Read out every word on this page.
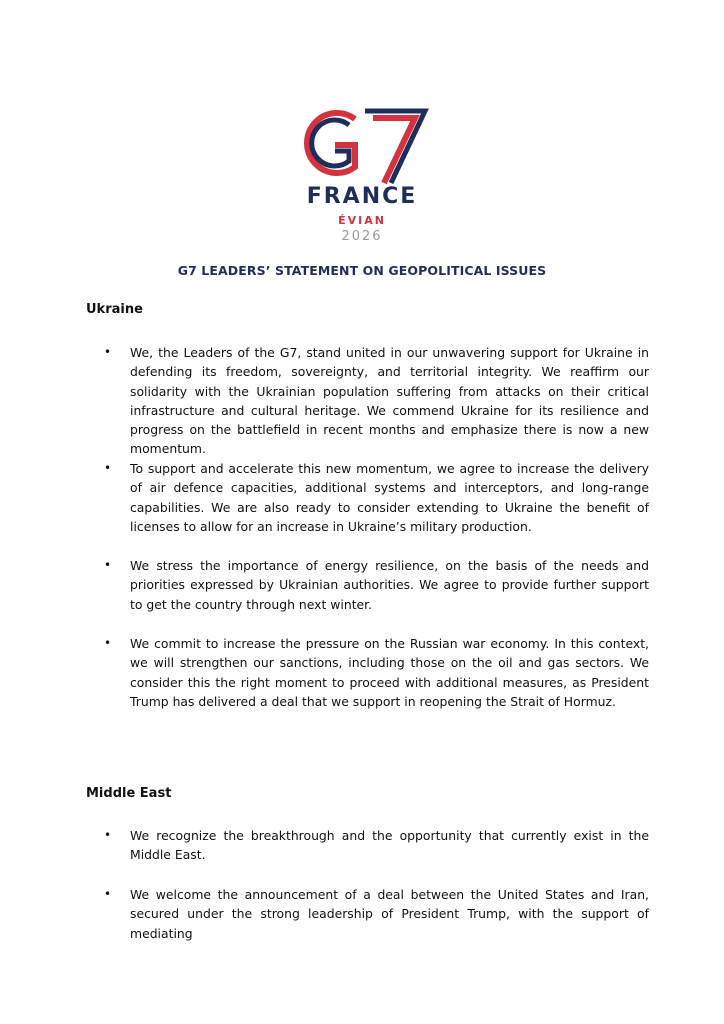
FRANCE
ÉVIAN
2026
G7 LEADERS’ STATEMENT ON GEOPOLITICAL ISSUES
Ukraine
• We, the Leaders of the G7, stand united in our unwavering support for Ukraine in defending its freedom, sovereignty, and territorial integrity. We reaffirm our solidarity with the Ukrainian population suffering from attacks on their critical infrastructure and cultural heritage. We commend Ukraine for its resilience and progress on the battlefield in recent months and emphasize there is now a new momentum.
• To support and accelerate this new momentum, we agree to increase the delivery of air defence capacities, additional systems and interceptors, and long-range capabilities. We are also ready to consider extending to Ukraine the benefit of licenses to allow for an increase in Ukraine’s military production.
• We stress the importance of energy resilience, on the basis of the needs and priorities expressed by Ukrainian authorities. We agree to provide further support to get the country through next winter.
• We commit to increase the pressure on the Russian war economy. In this context, we will strengthen our sanctions, including those on the oil and gas sectors. We consider this the right moment to proceed with additional measures, as President Trump has delivered a deal that we support in reopening the Strait of Hormuz.
Middle East
• We recognize the breakthrough and the opportunity that currently exist in the Middle East.
• We welcome the announcement of a deal between the United States and Iran, secured under the strong leadership of President Trump, with the support of mediating
